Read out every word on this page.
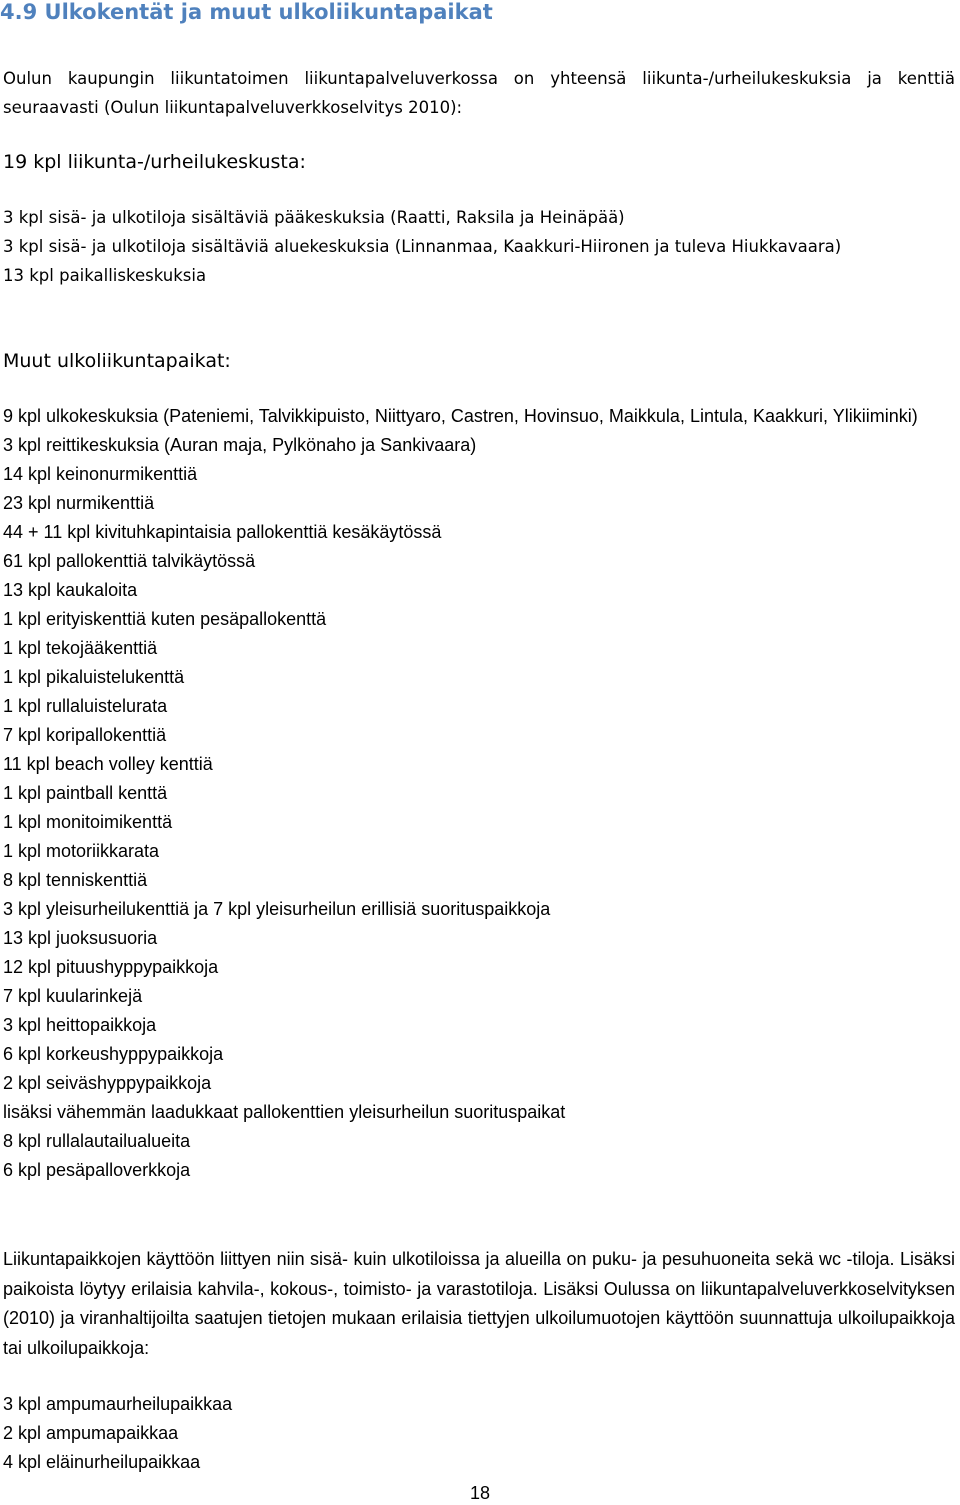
4.9 Ulkokentät ja muut ulkoliikuntapaikat

Oulun kaupungin liikuntatoimen liikuntapalveluverkossa on yhteensä liikunta-/urheilukeskuksia ja kenttiä seuraavasti (Oulun liikuntapalveluverkkoselvitys 2010):

19 kpl liikunta-/urheilukeskusta:
3 kpl sisä- ja ulkotiloja sisältäviä pääkeskuksia (Raatti, Raksila ja Heinäpää)
3 kpl sisä- ja ulkotiloja sisältäviä aluekeskuksia (Linnanmaa, Kaakkuri-Hiironen ja tuleva Hiukkavaara)
13 kpl paikalliskeskuksia
Muut ulkoliikuntapaikat:
9 kpl ulkokeskuksia (Pateniemi, Talvikkipuisto, Niittyaro, Castren, Hovinsuo, Maikkula, Lintula, Kaakkuri, Ylikiiminki)
3 kpl reittikeskuksia (Auran maja, Pylkönaho ja Sankivaara)
14 kpl keinonurmikenttiä
23 kpl nurmikenttiä
44 + 11 kpl kivituhkapintaisia pallokenttiä kesäkäytössä
61 kpl pallokenttiä talvikäytössä
13 kpl kaukaloita
1 kpl erityiskenttiä kuten pesäpallokenttä
1 kpl tekojääkenttiä
1 kpl pikaluistelukenttä
1 kpl rullaluistelurata
7 kpl koripallokenttiä
11 kpl beach volley kenttiä
1 kpl paintball kenttä
1 kpl monitoimikenttä
1 kpl motoriikkarata
8 kpl tenniskenttiä
3 kpl yleisurheilukenttiä ja 7 kpl yleisurheilun erillisiä suorituspaikkoja
13 kpl juoksusuoria
12 kpl pituushyppypaikkoja
7 kpl kuularinkejä
3 kpl heittopaikkoja
6 kpl korkeushyppypaikkoja
2 kpl seiväshyppypaikkoja
lisäksi vähemmän laadukkaat pallokenttien yleisurheilun suorituspaikat
8 kpl rullalautailualueita
6 kpl pesäpalloverkkoja

Liikuntapaikkojen käyttöön liittyen niin sisä- kuin ulkotiloissa ja alueilla on puku- ja pesuhuoneita sekä wc -tiloja. Lisäksi paikoista löytyy erilaisia kahvila-, kokous-, toimisto- ja varastotiloja. Lisäksi Oulussa on liikuntapalveluverkkoselvityksen (2010) ja viranhaltijoilta saatujen tietojen mukaan erilaisia tiettyjen ulkoilumuotojen käyttöön suunnattuja ulkoilupaikkoja tai ulkoilupaikkoja:

3 kpl ampumaurheilupaikkaa
2 kpl ampumapaikkaa
4 kpl eläinurheilupaikkaa
18
